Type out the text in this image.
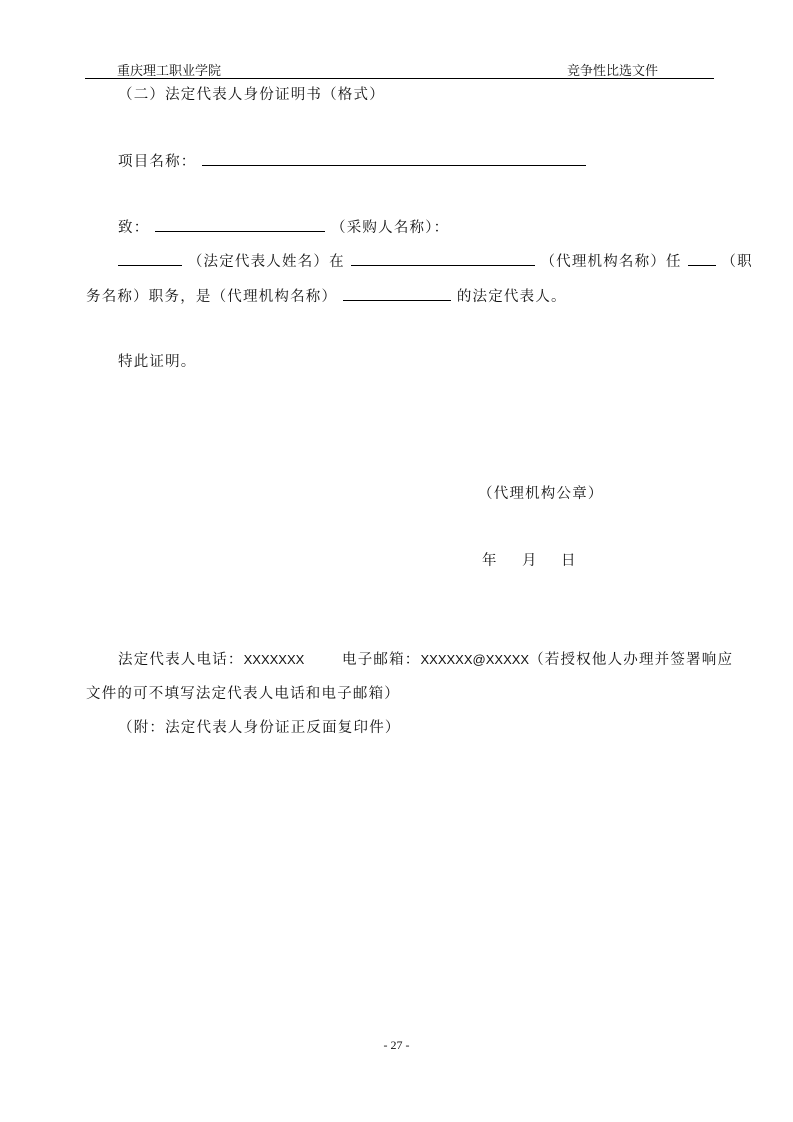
重庆理工职业学院	竞争性比选文件
（二）法定代表人身份证明书（格式）
项目名称：
致：	（采购人名称）：
（法定代表人姓名）在	（代理机构名称）任	（职
务名称）职务，是（代理机构名称）	的法定代表人。
特此证明。
（代理机构公章）
年 月 日
法定代表人电话：XXXXXXX	电子邮箱：XXXXXX@XXXXX（若授权他人办理并签署响应
文件的可不填写法定代表人电话和电子邮箱）
（附：法定代表人身份证正反面复印件）
- 27 -
